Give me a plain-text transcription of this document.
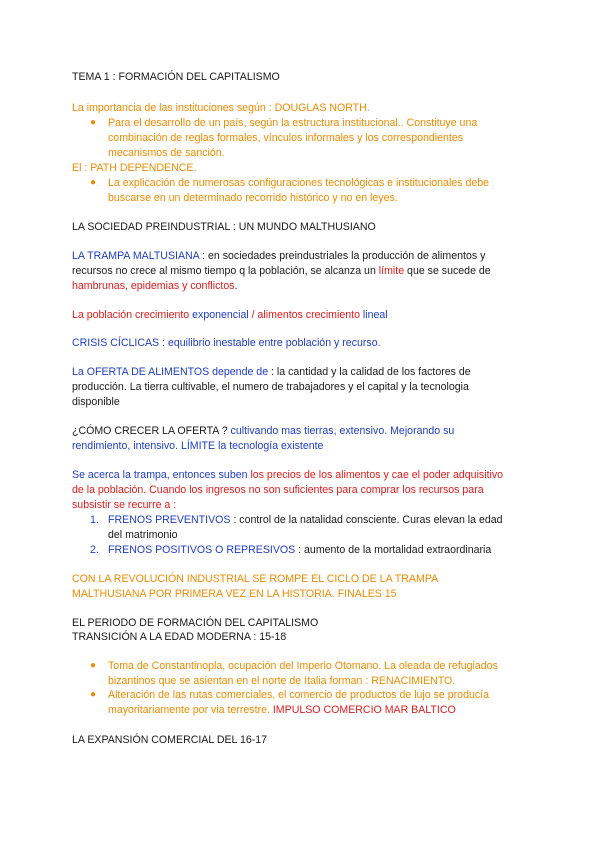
TEMA 1 : FORMACIÓN DEL CAPITALISMO
La importancia de las instituciones según : DOUGLAS NORTH.
● Para el desarrollo de un país, según la estructura institucional.. Constituye una
combinación de reglas formales, vínculos informales y los correspondientes
mecanismos de sanción.
El : PATH DEPENDENCE.
● La explicación de numerosas configuraciones tecnológicas e institucionales debe
buscarse en un determinado recorrido histórico y no en leyes.
LA SOCIEDAD PREINDUSTRIAL : UN MUNDO MALTHUSIANO
LA TRAMPA MALTUSIANA : en sociedades preindustriales la producción de alimentos y
recursos no crece al mismo tiempo q la población, se alcanza un límite que se sucede de
hambrunas, epidemias y conflictos.
La población crecimiento exponencial / alimentos crecimiento lineal
CRISIS CÍCLICAS : equilibrio inestable entre población y recurso.
La OFERTA DE ALIMENTOS depende de : la cantidad y la calidad de los factores de
producción. La tierra cultivable, el numero de trabajadores y el capital y la tecnologia
disponible
¿CÓMO CRECER LA OFERTA ? cultivando mas tierras, extensivo. Mejorando su
rendimiento, intensivo. LÍMITE la tecnología existente
Se acerca la trampa, entonces suben los precios de los alimentos y cae el poder adquisitivo
de la población. Cuando los ingresos no son suficientes para comprar los recursos para
subsistir se recurre a :
1. FRENOS PREVENTIVOS : control de la natalidad consciente. Curas elevan la edad
del matrimonio
2. FRENOS POSITIVOS O REPRESIVOS : aumento de la mortalidad extraordinaria
CON LA REVOLUCIÓN INDUSTRIAL SE ROMPE EL CICLO DE LA TRAMPA
MALTHUSIANA POR PRIMERA VEZ EN LA HISTORIA. FINALES 15
EL PERIODO DE FORMACIÓN DEL CAPITALISMO
TRANSICIÓN A LA EDAD MODERNA : 15-18
● Toma de Constantinopla, ocupación del Imperio Otomano. La oleada de refugiados
bizantinos que se asientan en el norte de Italia forman : RENACIMIENTO.
● Alteración de las rutas comerciales, el comercio de productos de lujo se producía
mayoritariamente por via terrestre. IMPULSO COMERCIO MAR BALTICO
LA EXPANSIÓN COMERCIAL DEL 16-17
